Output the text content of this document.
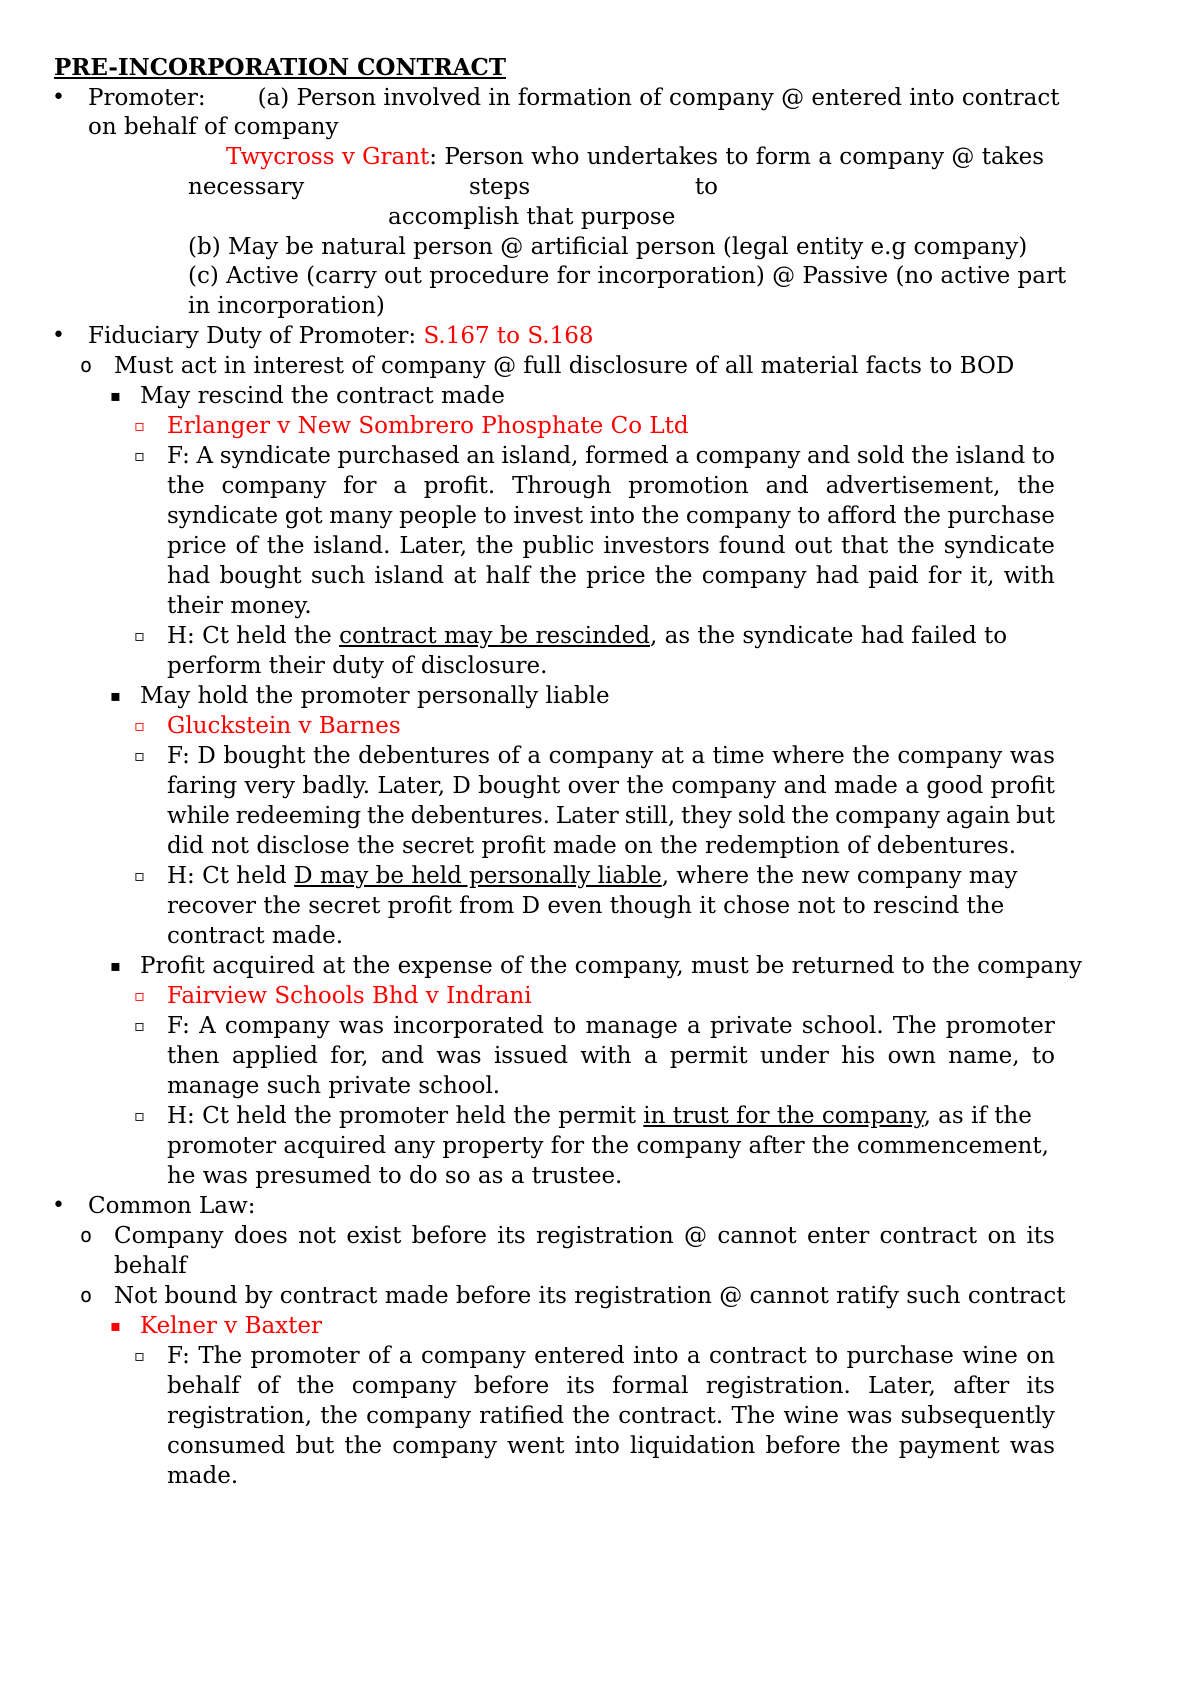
PRE-INCORPORATION CONTRACT
• Promoter: (a) Person involved in formation of company @ entered into contract
on behalf of company
Twycross v Grant: Person who undertakes to form a company @ takes
necessary	steps	to
accomplish that purpose
(b) May be natural person @ artificial person (legal entity e.g company)
(c) Active (carry out procedure for incorporation) @ Passive (no active part
in incorporation)
• Fiduciary Duty of Promoter: S.167 to S.168
o Must act in interest of company @ full disclosure of all material facts to BOD
▪ May rescind the contract made
▫ Erlanger v New Sombrero Phosphate Co Ltd
▫ F: A syndicate purchased an island, formed a company and sold the island to
the company for a profit. Through promotion and advertisement, the
syndicate got many people to invest into the company to afford the purchase
price of the island. Later, the public investors found out that the syndicate
had bought such island at half the price the company had paid for it, with
their money.
▫ H: Ct held the contract may be rescinded, as the syndicate had failed to
perform their duty of disclosure.
▪ May hold the promoter personally liable
▫ Gluckstein v Barnes
▫ F: D bought the debentures of a company at a time where the company was
faring very badly. Later, D bought over the company and made a good profit
while redeeming the debentures. Later still, they sold the company again but
did not disclose the secret profit made on the redemption of debentures.
▫ H: Ct held D may be held personally liable, where the new company may
recover the secret profit from D even though it chose not to rescind the
contract made.
▪ Profit acquired at the expense of the company, must be returned to the company
▫ Fairview Schools Bhd v Indrani
▫ F: A company was incorporated to manage a private school. The promoter
then applied for, and was issued with a permit under his own name, to
manage such private school.
▫ H: Ct held the promoter held the permit in trust for the company, as if the
promoter acquired any property for the company after the commencement,
he was presumed to do so as a trustee.
• Common Law:
o Company does not exist before its registration @ cannot enter contract on its
behalf
o Not bound by contract made before its registration @ cannot ratify such contract
▪ Kelner v Baxter
▫ F: The promoter of a company entered into a contract to purchase wine on
behalf of the company before its formal registration. Later, after its
registration, the company ratified the contract. The wine was subsequently
consumed but the company went into liquidation before the payment was
made.
